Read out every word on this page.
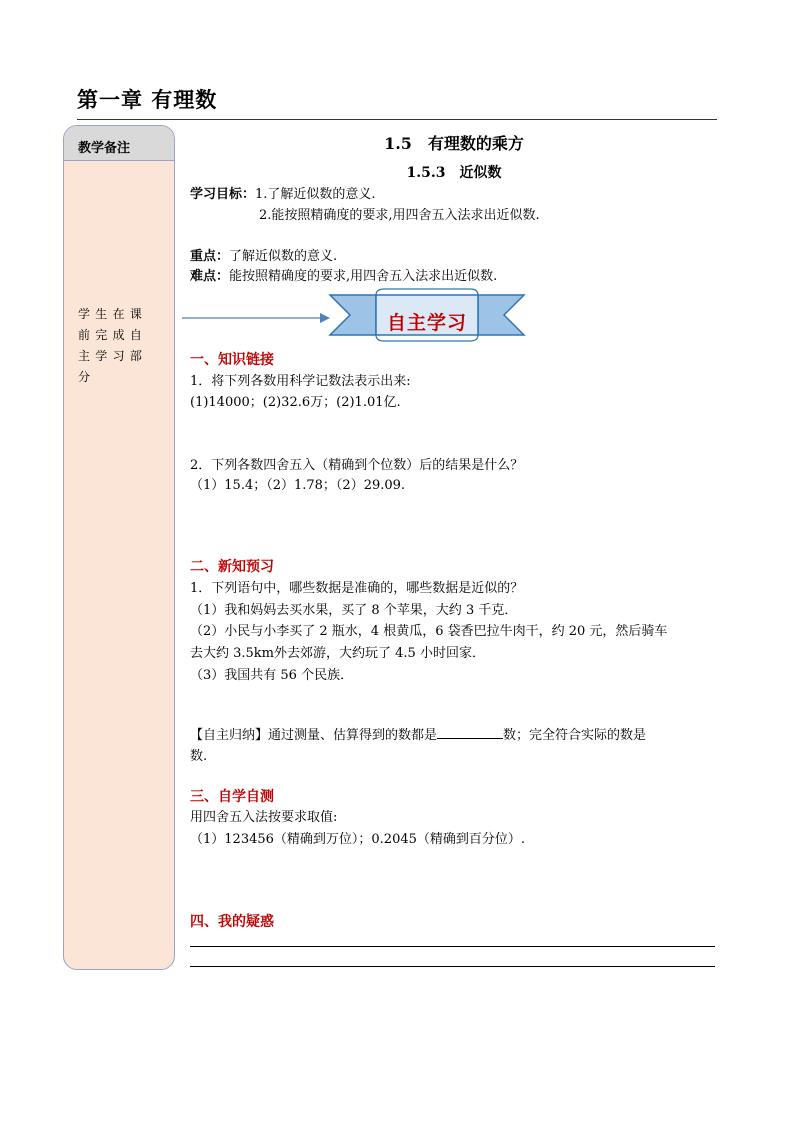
第一章 有理数
教学备注
学生在课前完成自主学习部分
1.5　有理数的乘方
1.5.3　近似数
学习目标：1.了解近似数的意义.
2.能按照精确度的要求,用四舍五入法求出近似数.
重点：了解近似数的意义.
难点：能按照精确度的要求,用四舍五入法求出近似数.
自主学习
一、知识链接
1．将下列各数用科学记数法表示出来:
(1)14000；(2)32.6万；(2)1.01亿.
2．下列各数四舍五入（精确到个位数）后的结果是什么？
（1）15.4；（2）1.78；（2）29.09.
二、新知预习
1．下列语句中，哪些数据是准确的，哪些数据是近似的？
（1）我和妈妈去买水果，买了 8 个苹果，大约 3 千克．
（2）小民与小李买了 2 瓶水，4 根黄瓜，6 袋香巴拉牛肉干，约 20 元，然后骑车
去大约 3.5km外去郊游，大约玩了 4.5 小时回家．
（3）我国共有 56 个民族．
【自主归纳】通过测量、估算得到的数都是	数；完全符合实际的数是
数.
三、自学自测
用四舍五入法按要求取值:
（1）123456（精确到万位）；0.2045（精确到百分位）.
四、我的疑惑
